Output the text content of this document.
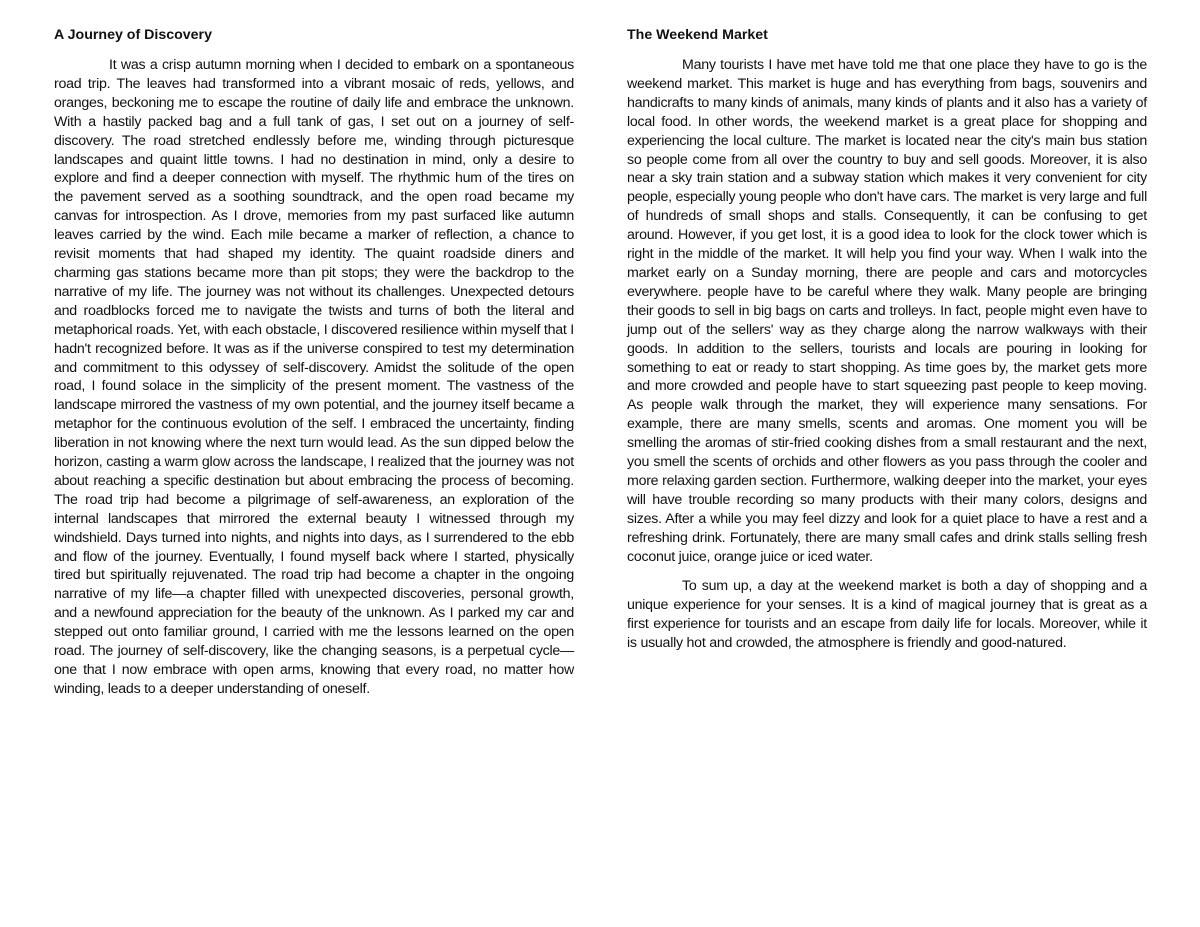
A Journey of Discovery

It was a crisp autumn morning when I decided to embark on a spontaneous road trip. The leaves had transformed into a vibrant mosaic of reds, yellows, and oranges, beckoning me to escape the routine of daily life and embrace the unknown. With a hastily packed bag and a full tank of gas, I set out on a journey of self-discovery. The road stretched endlessly before me, winding through picturesque landscapes and quaint little towns. I had no destination in mind, only a desire to explore and find a deeper connection with myself. The rhythmic hum of the tires on the pavement served as a soothing soundtrack, and the open road became my canvas for introspection. As I drove, memories from my past surfaced like autumn leaves carried by the wind. Each mile became a marker of reflection, a chance to revisit moments that had shaped my identity. The quaint roadside diners and charming gas stations became more than pit stops; they were the backdrop to the narrative of my life. The journey was not without its challenges. Unexpected detours and roadblocks forced me to navigate the twists and turns of both the literal and metaphorical roads. Yet, with each obstacle, I discovered resilience within myself that I hadn't recognized before. It was as if the universe conspired to test my determination and commitment to this odyssey of self-discovery. Amidst the solitude of the open road, I found solace in the simplicity of the present moment. The vastness of the landscape mirrored the vastness of my own potential, and the journey itself became a metaphor for the continuous evolution of the self. I embraced the uncertainty, finding liberation in not knowing where the next turn would lead. As the sun dipped below the horizon, casting a warm glow across the landscape, I realized that the journey was not about reaching a specific destination but about embracing the process of becoming. The road trip had become a pilgrimage of self-awareness, an exploration of the internal landscapes that mirrored the external beauty I witnessed through my windshield. Days turned into nights, and nights into days, as I surrendered to the ebb and flow of the journey. Eventually, I found myself back where I started, physically tired but spiritually rejuvenated. The road trip had become a chapter in the ongoing narrative of my life—a chapter filled with unexpected discoveries, personal growth, and a newfound appreciation for the beauty of the unknown. As I parked my car and stepped out onto familiar ground, I carried with me the lessons learned on the open road. The journey of self-discovery, like the changing seasons, is a perpetual cycle—one that I now embrace with open arms, knowing that every road, no matter how winding, leads to a deeper understanding of oneself.

The Weekend Market

Many tourists I have met have told me that one place they have to go is the weekend market. This market is huge and has everything from bags, souvenirs and handicrafts to many kinds of animals, many kinds of plants and it also has a variety of local food. In other words, the weekend market is a great place for shopping and experiencing the local culture. The market is located near the city's main bus station so people come from all over the country to buy and sell goods. Moreover, it is also near a sky train station and a subway station which makes it very convenient for city people, especially young people who don't have cars. The market is very large and full of hundreds of small shops and stalls. Consequently, it can be confusing to get around. However, if you get lost, it is a good idea to look for the clock tower which is right in the middle of the market. It will help you find your way. When I walk into the market early on a Sunday morning, there are people and cars and motorcycles everywhere. people have to be careful where they walk. Many people are bringing their goods to sell in big bags on carts and trolleys. In fact, people might even have to jump out of the sellers' way as they charge along the narrow walkways with their goods. In addition to the sellers, tourists and locals are pouring in looking for something to eat or ready to start shopping. As time goes by, the market gets more and more crowded and people have to start squeezing past people to keep moving. As people walk through the market, they will experience many sensations. For example, there are many smells, scents and aromas. One moment you will be smelling the aromas of stir-fried cooking dishes from a small restaurant and the next, you smell the scents of orchids and other flowers as you pass through the cooler and more relaxing garden section. Furthermore, walking deeper into the market, your eyes will have trouble recording so many products with their many colors, designs and sizes. After a while you may feel dizzy and look for a quiet place to have a rest and a refreshing drink. Fortunately, there are many small cafes and drink stalls selling fresh coconut juice, orange juice or iced water.

To sum up, a day at the weekend market is both a day of shopping and a unique experience for your senses. It is a kind of magical journey that is great as a first experience for tourists and an escape from daily life for locals. Moreover, while it is usually hot and crowded, the atmosphere is friendly and good-natured.
